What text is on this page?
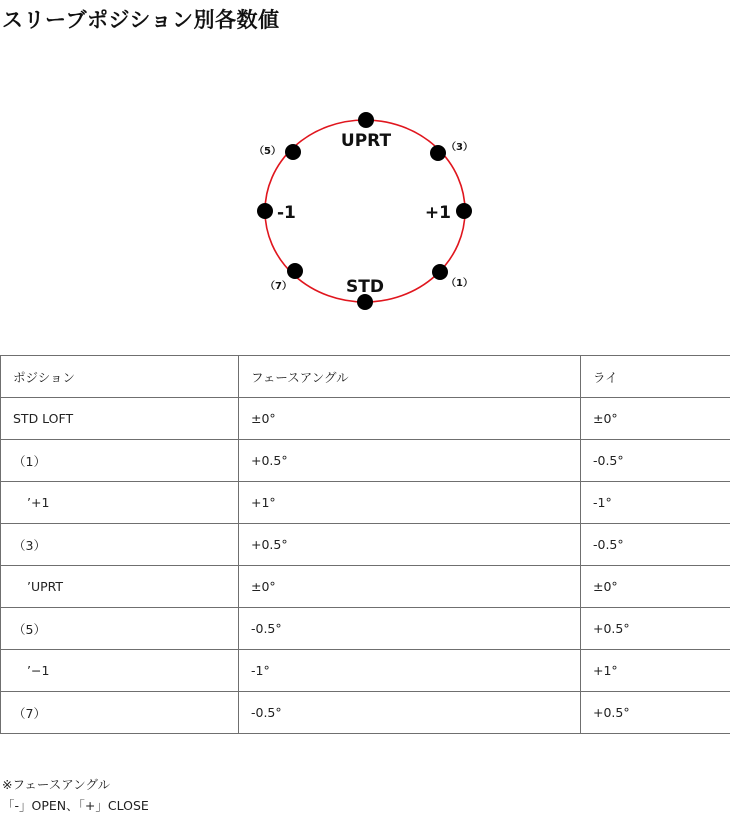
スリーブポジション別各数値
UPRT
STD
-1	+1
（5）	（3）
（7）	（1）
ポジション	フェースアングル	ライ
STD LOFT	±0°	±0°
（1）	+0.5°	-0.5°
’+1	+1°	-1°
（3）	+0.5°	-0.5°
’UPRT	±0°	±0°
（5）	-0.5°	+0.5°
’−1	-1°	+1°
（7）	-0.5°	+0.5°
※フェースアングル
「-」OPEN、「+」CLOSE
